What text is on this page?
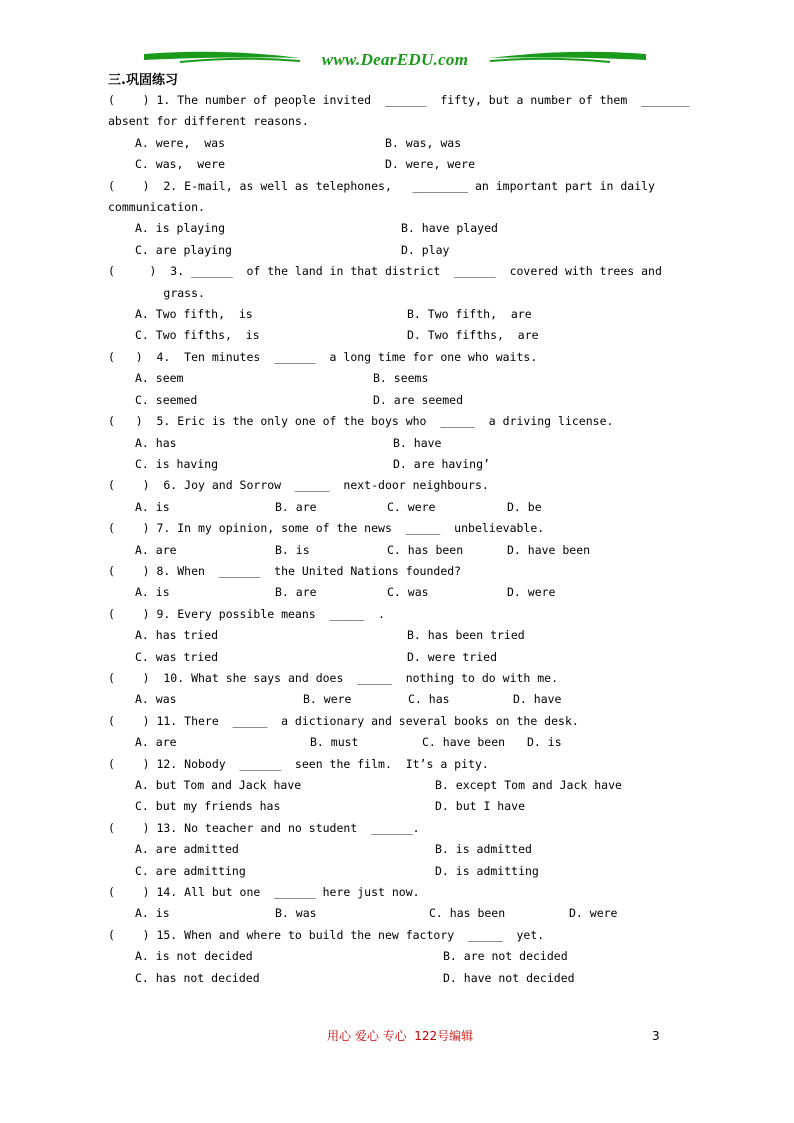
www.DearEDU.com
三.巩固练习
(    ) 1. The number of people invited  ______  fifty, but a number of them  _______
absent for different reasons.
A. were,  was	B. was, was
C. was,  were	D. were, were
(    )  2. E-mail, as well as telephones,   ________ an important part in daily
communication.
A. is playing	B. have played
C. are playing	D. play
(     )  3. ______  of the land in that district  ______  covered with trees and
grass.
A. Two fifth,  is	B. Two fifth,  are
C. Two fifths,  is	D. Two fifths,  are
(   )  4.  Ten minutes  ______  a long time for one who waits.
A. seem	B. seems
C. seemed	D. are seemed
(   )  5. Eric is the only one of the boys who  _____  a driving license.
A. has	B. have
C. is having	D. are having’
(    )  6. Joy and Sorrow  _____  next-door neighbours.
A. is	B. are	C. were	D. be
(    ) 7. In my opinion, some of the news  _____  unbelievable.
A. are	B. is	C. has been	D. have been
(    ) 8. When  ______  the United Nations founded?
A. is	B. are	C. was	D. were
(    ) 9. Every possible means  _____  .
A. has tried	B. has been tried
C. was tried	D. were tried
(    )  10. What she says and does  _____  nothing to do with me.
A. was	B. were	C. has	D. have
(    ) 11. There  _____  a dictionary and several books on the desk.
A. are	B. must	C. have been	D. is
(    ) 12. Nobody  ______  seen the film.  It’s a pity.
A. but Tom and Jack have	B. except Tom and Jack have
C. but my friends has	D. but I have
(    ) 13. No teacher and no student  ______.
A. are admitted	B. is admitted
C. are admitting	D. is admitting
(    ) 14. All but one  ______ here just now.
A. is	B. was	C. has been	D. were
(    ) 15. When and where to build the new factory  _____  yet.
A. is not decided	B. are not decided
C. has not decided	D. have not decided
用心 爱心 专心  122号编辑	3
